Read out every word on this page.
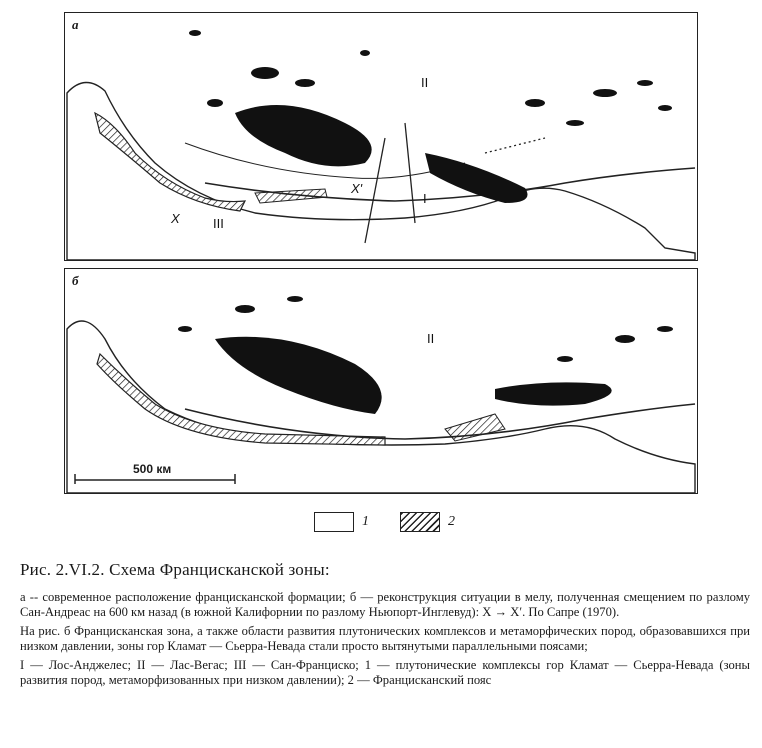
а
II
I
III
X
X'
б
II
500 км
1	2
Рис. 2.VI.2. Схема Францисканской зоны:

а -- современное расположение францисканской формации; б — реконструкция ситуации в мелу, полученная смещением по разлому Сан-Андреас на 600 км назад (в южной Калифорнии по разлому Ньюпорт-Инглевуд): X → X′. По Сапре (1970).

На рис. б Францисканская зона, а также области развития плутонических комплексов и метаморфических пород, образовавшихся при низком давлении, зоны гор Кламат — Сьерра-Невада стали просто вытянутыми параллельными поясами;

I — Лос-Анджелес; II — Лас-Вегас; III — Сан-Франциско; 1 — плутонические комплексы гор Кламат — Сьерра-Невада (зоны развития пород, метаморфизованных при низком давлении); 2 — Францисканский пояс
